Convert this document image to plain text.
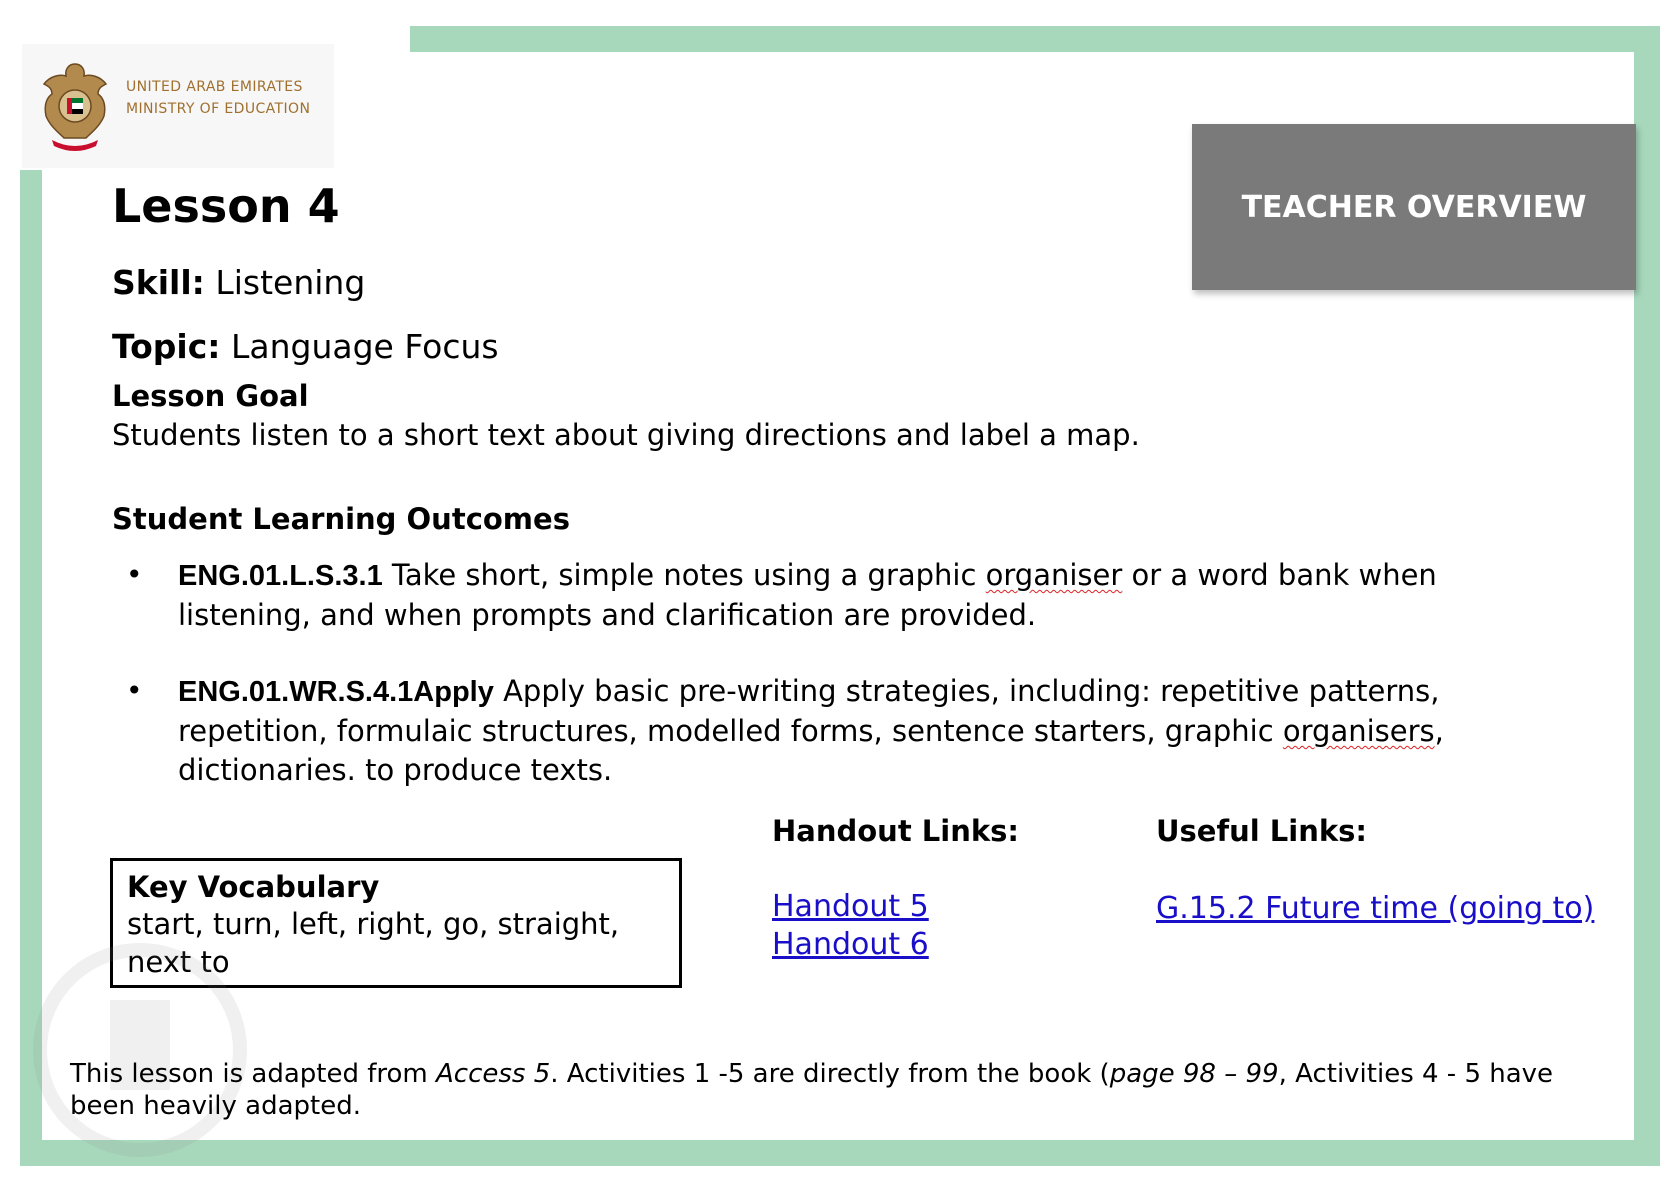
UNITED ARAB EMIRATES
MINISTRY OF EDUCATION
TEACHER OVERVIEW
Lesson 4
Skill: Listening
Topic: Language Focus
Lesson Goal
Students listen to a short text about giving directions and label a map.
Student Learning Outcomes
• ENG.01.L.S.3.1 Take short, simple notes using a graphic organiser or a word bank when listening, and when prompts and clarification are provided.
• ENG.01.WR.S.4.1Apply Apply basic pre-writing strategies, including: repetitive patterns, repetition, formulaic structures, modelled forms, sentence starters, graphic organisers, dictionaries. to produce texts.
Key Vocabulary
start, turn, left, right, go, straight, next to
Handout Links:
Handout 5
Handout 6
Useful Links:
G.15.2 Future time (going to)
This lesson is adapted from Access 5. Activities 1 -5 are directly from the book (page 98 – 99, Activities 4 - 5 have been heavily adapted.
